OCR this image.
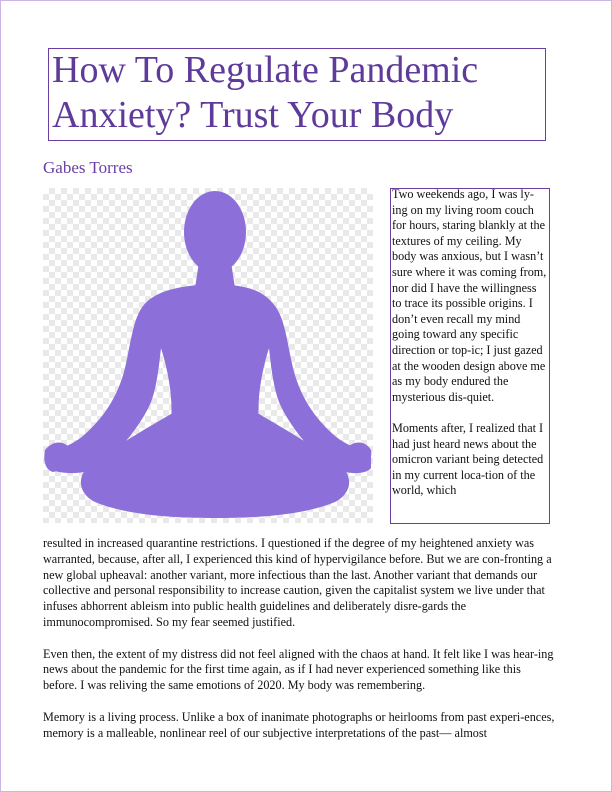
How To Regulate Pandemic Anxiety? Trust Your Body
Gabes Torres

Two weekends ago, I was ly-ing on my living room couch for hours, staring blankly at the textures of my ceiling. My body was anxious, but I wasn’t sure where it was coming from, nor did I have the willingness to trace its possible origins. I don’t even recall my mind going toward any specific direction or top-ic; I just gazed at the wooden design above me as my body endured the mysterious dis-quiet.

Moments after, I realized that I had just heard news about the omicron variant being detected in my current loca-tion of the world, which

resulted in increased quarantine restrictions. I questioned if the degree of my heightened anxiety was warranted, because, after all, I experienced this kind of hypervigilance before. But we are con-fronting a new global upheaval: another variant, more infectious than the last. Another variant that demands our collective and personal responsibility to increase caution, given the capitalist system we live under that infuses abhorrent ableism into public health guidelines and deliberately disre-gards the immunocompromised. So my fear seemed justified.

Even then, the extent of my distress did not feel aligned with the chaos at hand. It felt like I was hear-ing news about the pandemic for the first time again, as if I had never experienced something like this before. I was reliving the same emotions of 2020. My body was remembering.

Memory is a living process. Unlike a box of inanimate photographs or heirlooms from past experi-ences, memory is a malleable, nonlinear reel of our subjective interpretations of the past— almost
